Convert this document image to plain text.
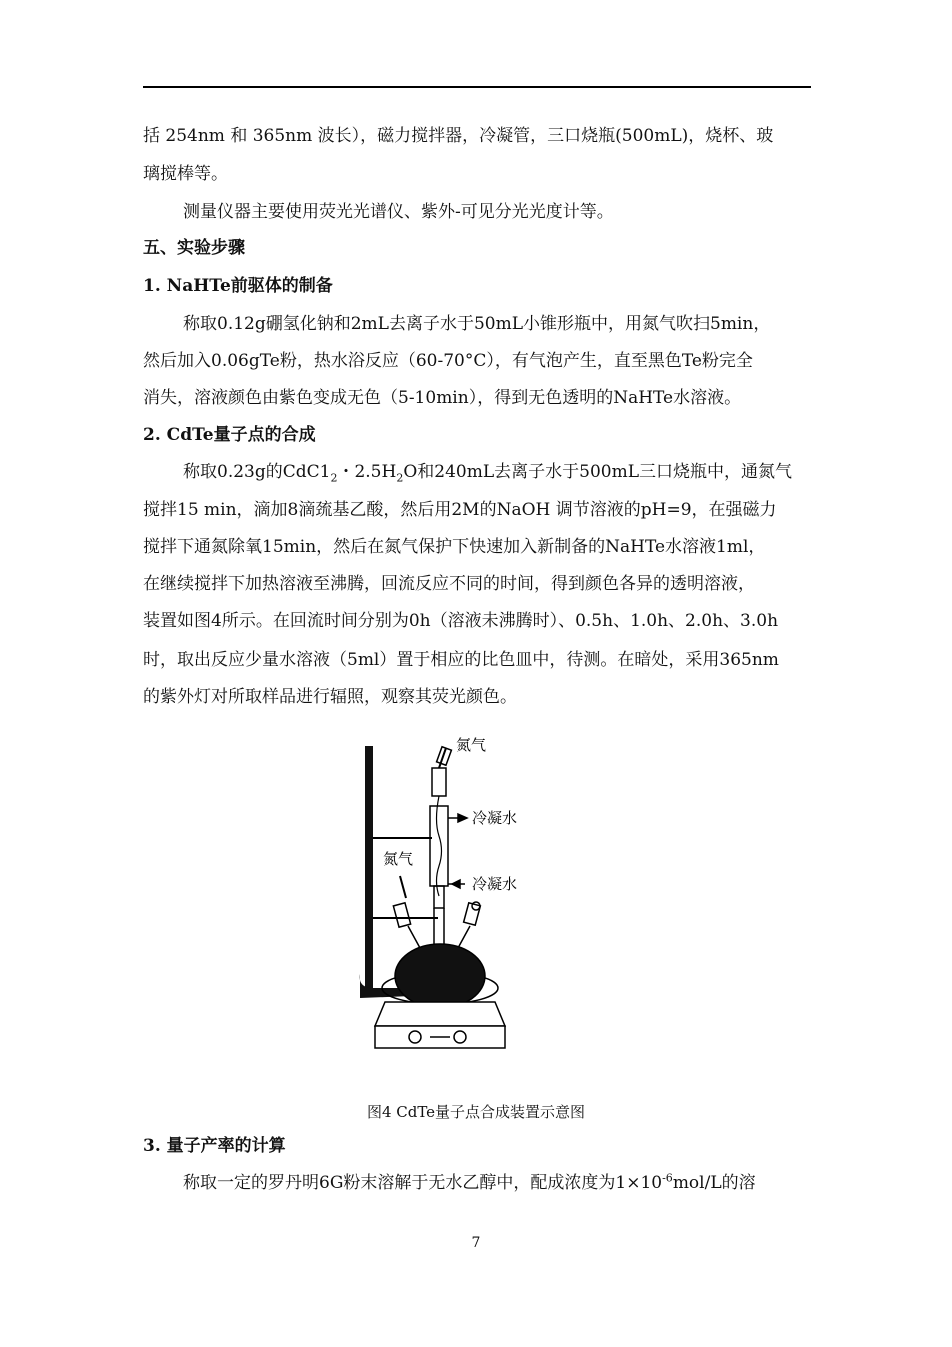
括 254nm 和 365nm 波长），磁力搅拌器，冷凝管，三口烧瓶(500mL)，烧杯、玻
璃搅棒等。
测量仪器主要使用荧光光谱仪、紫外-可见分光光度计等。
五、实验步骤
1. NaHTe前驱体的制备
称取0.12g硼氢化钠和2mL去离子水于50mL小锥形瓶中，用氮气吹扫5min，
然后加入0.06gTe粉，热水浴反应（60-70°C），有气泡产生，直至黑色Te粉完全
消失，溶液颜色由紫色变成无色（5-10min），得到无色透明的NaHTe水溶液。
2. CdTe量子点的合成
称取0.23g的$CdC1_2$・$2.5H_2O$和240mL去离子水于500mL三口烧瓶中，通氮气
搅拌15 min，滴加8滴巯基乙酸，然后用2M的NaOH 调节溶液的pH=9，在强磁力
搅拌下通氮除氧15min，然后在氮气保护下快速加入新制备的NaHTe水溶液1ml，
在继续搅拌下加热溶液至沸腾，回流反应不同的时间，得到颜色各异的透明溶液，
装置如图4所示。在回流时间分别为0h（溶液未沸腾时）、0.5h、1.0h、2.0h、3.0h
时，取出反应少量水溶液（5ml）置于相应的比色皿中，待测。在暗处，采用365nm
的紫外灯对所取样品进行辐照，观察其荧光颜色。
氮气
氮气
冷凝水
冷凝水
图4 CdTe量子点合成装置示意图
3. 量子产率的计算
称取一定的罗丹明6G粉末溶解于无水乙醇中，配成浓度为$1\times 10^{-6}mol/L$的溶
7
